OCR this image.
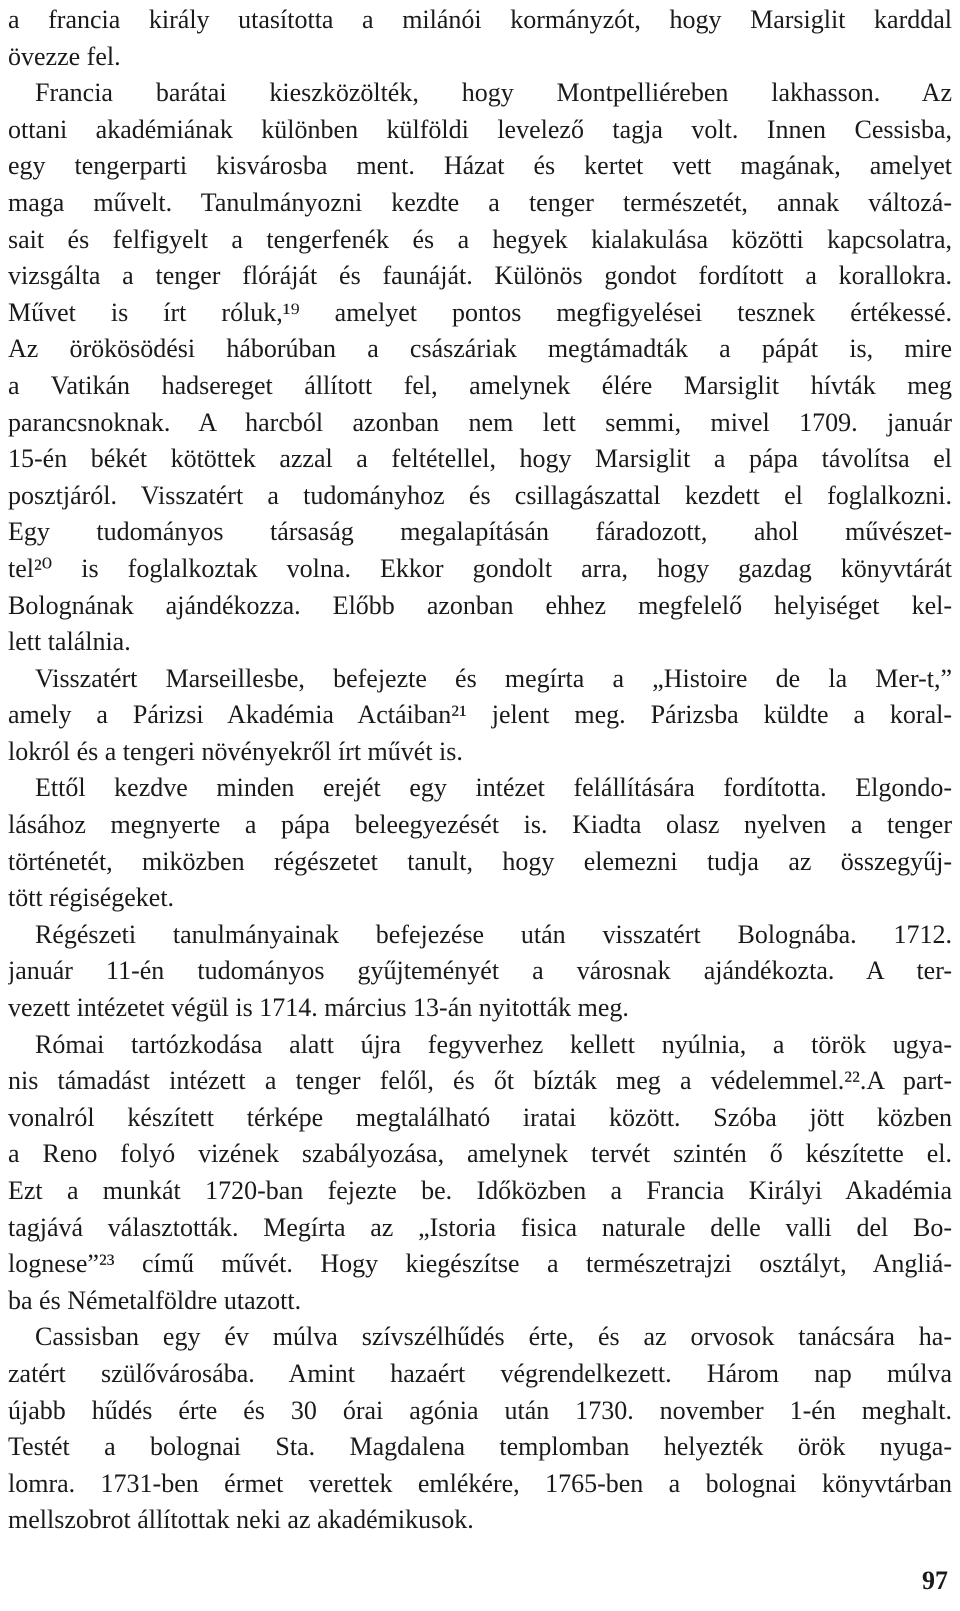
a francia király utasította a milánói kormányzót, hogy Marsiglit karddal
övezze fel.
Francia barátai kieszközölték, hogy Montpelliéreben lakhasson. Az
ottani akadémiának különben külföldi levelező tagja volt. Innen Cessisba,
egy tengerparti kisvárosba ment. Házat és kertet vett magának, amelyet
maga művelt. Tanulmányozni kezdte a tenger természetét, annak változá-
sait és felfigyelt a tengerfenék és a hegyek kialakulása közötti kapcsolatra,
vizsgálta a tenger flóráját és faunáját. Különös gondot fordított a korallokra.
Művet is írt róluk,¹⁹ amelyet pontos megfigyelései tesznek értékessé.
Az örökösödési háborúban a császáriak megtámadták a pápát is, mire
a Vatikán hadsereget állított fel, amelynek élére Marsiglit hívták meg
parancsnoknak. A harcból azonban nem lett semmi, mivel 1709. január
15-én békét kötöttek azzal a feltétellel, hogy Marsiglit a pápa távolítsa el
posztjáról. Visszatért a tudományhoz és csillagászattal kezdett el foglalkozni.
Egy tudományos társaság megalapításán fáradozott, ahol művészet-
tel²⁰ is foglalkoztak volna. Ekkor gondolt arra, hogy gazdag könyvtárát
Bolognának ajándékozza. Előbb azonban ehhez megfelelő helyiséget kel-
lett találnia.
Visszatért Marseillesbe, befejezte és megírta a „Histoire de la Mer-t,”
amely a Párizsi Akadémia Actáiban²¹ jelent meg. Párizsba küldte a koral-
lokról és a tengeri növényekről írt művét is.
Ettől kezdve minden erejét egy intézet felállítására fordította. Elgondo-
lásához megnyerte a pápa beleegyezését is. Kiadta olasz nyelven a tenger
történetét, miközben régészetet tanult, hogy elemezni tudja az összegyűj-
tött régiségeket.
Régészeti tanulmányainak befejezése után visszatért Bolognába. 1712.
január 11-én tudományos gyűjteményét a városnak ajándékozta. A ter-
vezett intézetet végül is 1714. március 13-án nyitották meg.
Római tartózkodása alatt újra fegyverhez kellett nyúlnia, a török ugya-
nis támadást intézett a tenger felől, és őt bízták meg a védelemmel.²².A part-
vonalról készített térképe megtalálható iratai között. Szóba jött közben
a Reno folyó vizének szabályozása, amelynek tervét szintén ő készítette el.
Ezt a munkát 1720-ban fejezte be. Időközben a Francia Királyi Akadémia
tagjává választották. Megírta az „Istoria fisica naturale delle valli del Bo-
lognese”²³ című művét. Hogy kiegészítse a természetrajzi osztályt, Angliá-
ba és Németalföldre utazott.
Cassisban egy év múlva szívszélhűdés érte, és az orvosok tanácsára ha-
zatért szülővárosába. Amint hazaért végrendelkezett. Három nap múlva
újabb hűdés érte és 30 órai agónia után 1730. november 1-én meghalt.
Testét a bolognai Sta. Magdalena templomban helyezték örök nyuga-
lomra. 1731-ben érmet verettek emlékére, 1765-ben a bolognai könyvtárban
mellszobrot állítottak neki az akadémikusok.
97
